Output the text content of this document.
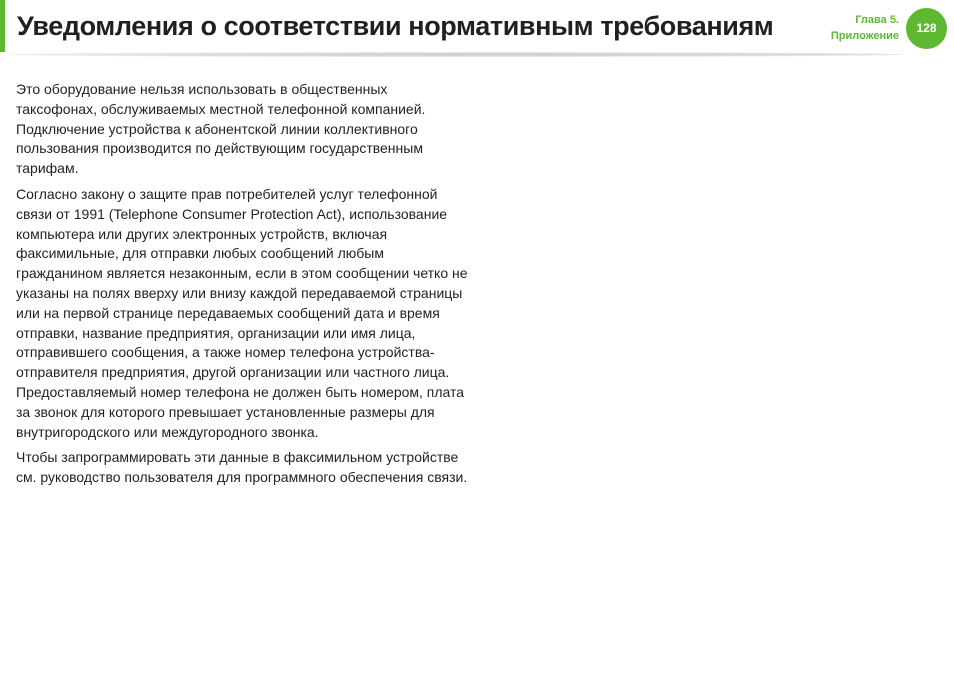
Уведомления о соответствии нормативным требованиям	Глава 5.
Приложение
128

Это оборудование нельзя использовать в общественных таксофонах, обслуживаемых местной телефонной компанией. Подключение устройства к абонентской линии коллективного пользования производится по действующим государственным тарифам.

Согласно закону о защите прав потребителей услуг телефонной связи от 1991 (Telephone Consumer Protection Act), использование компьютера или других электронных устройств, включая факсимильные, для отправки любых сообщений любым гражданином является незаконным, если в этом сообщении четко не указаны на полях вверху или внизу каждой передаваемой страницы или на первой странице передаваемых сообщений дата и время отправки, название предприятия, организации или имя лица, отправившего сообщения, а также номер телефона устройства-отправителя предприятия, другой организации или частного лица. Предоставляемый номер телефона не должен быть номером, плата за звонок для которого превышает установленные размеры для внутригородского или междугородного звонка.

Чтобы запрограммировать эти данные в факсимильном устройстве см. руководство пользователя для программного обеспечения связи.
